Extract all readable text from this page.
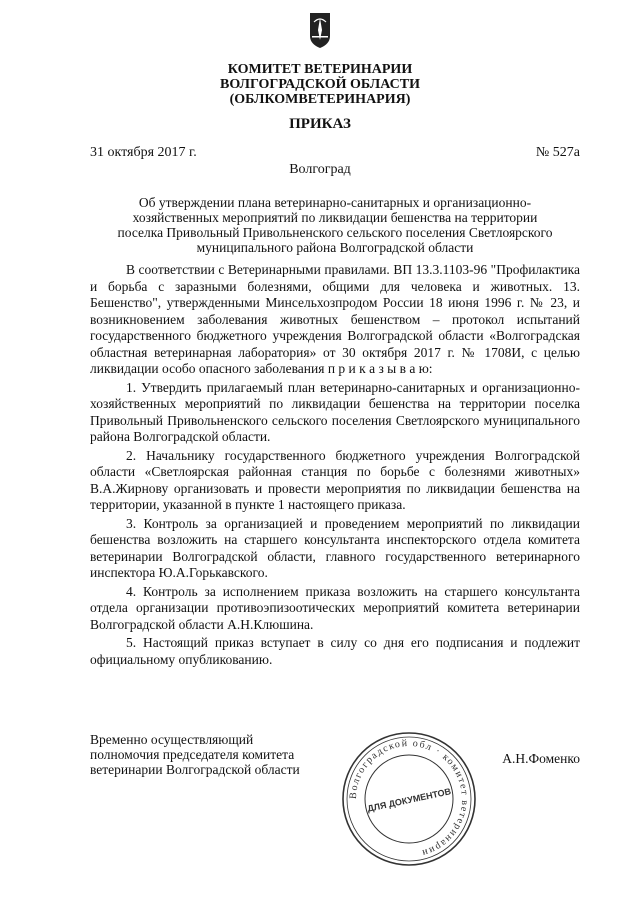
КОМИТЕТ ВЕТЕРИНАРИИ
ВОЛГОГРАДСКОЙ ОБЛАСТИ
(ОБЛКОМВЕТЕРИНАРИЯ)
ПРИКАЗ
31 октября 2017 г.	№ 527а
Волгоград
Об утверждении плана ветеринарно-санитарных и организационно-
хозяйственных мероприятий по ликвидации бешенства на территории
поселка Привольный Привольненского сельского поселения Светлоярского
муниципального района Волгоградской области

В соответствии с Ветеринарными правилами. ВП 13.3.1103-96 "Профилактика и борьба с заразными болезнями, общими для человека и животных. 13. Бешенство", утвержденными Минсельхозпродом России 18 июня 1996 г. № 23, и возникновением заболевания животных бешенством – протокол испытаний государственного бюджетного учреждения Волгоградской области «Волгоградская областная ветеринарная лаборатория» от 30 октября 2017 г. № 1708И, с целью ликвидации особо опасного заболевания п р и к а з ы в а ю:

1. Утвердить прилагаемый план ветеринарно-санитарных и организационно-хозяйственных мероприятий по ликвидации бешенства на территории поселка Привольный Привольненского сельского поселения Светлоярского муниципального района Волгоградской области.

2. Начальнику государственного бюджетного учреждения Волгоградской области «Светлоярская районная станция по борьбе с болезнями животных» В.А.Жирнову организовать и провести мероприятия по ликвидации бешенства на территории, указанной в пункте 1 настоящего приказа.

3. Контроль за организацией и проведением мероприятий по ликвидации бешенства возложить на старшего консультанта инспекторского отдела комитета ветеринарии Волгоградской области, главного государственного ветеринарного инспектора Ю.А.Горькавского.

4. Контроль за исполнением приказа возложить на старшего консультанта отдела организации противоэпизоотических мероприятий комитета ветеринарии Волгоградской области А.Н.Клюшина.

5. Настоящий приказ вступает в силу со дня его подписания и подлежит официальному опубликованию.

Временно осуществляющий
полномочия председателя комитета
ветеринарии Волгоградской области
А.Н.Фоменко
Волгоградской обл · комитет ветеринарии
ДЛЯ ДОКУМЕНТОВ
